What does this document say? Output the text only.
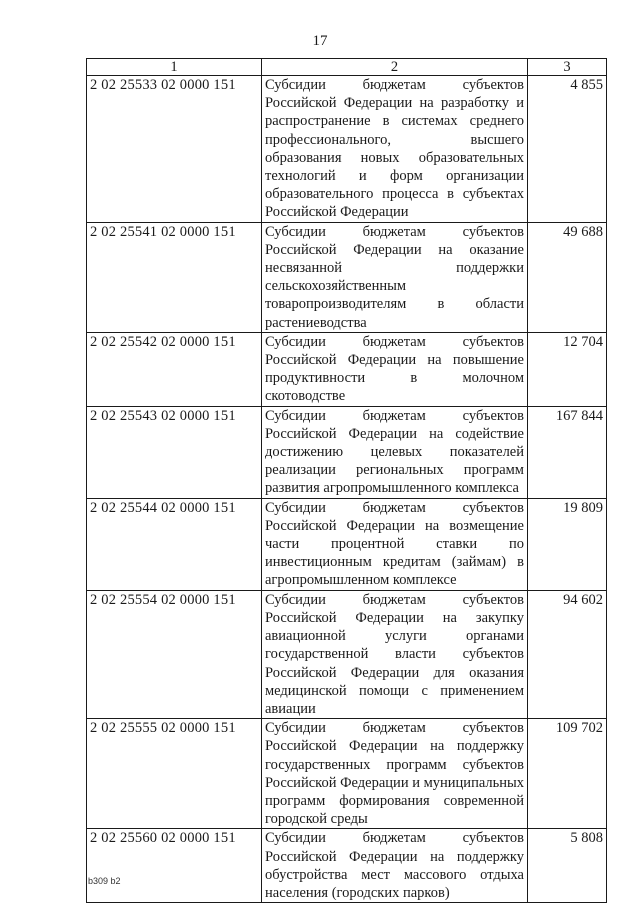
17
1	2	3
2 02 25533 02 0000 151	Субсидии бюджетам субъектов Российской Федерации на разработку и распространение в системах среднего профессионального, высшего образования новых образовательных технологий и форм организации образовательного процесса в субъектах Российской Федерации	4 855
2 02 25541 02 0000 151	Субсидии бюджетам субъектов Российской Федерации на оказание несвязанной поддержки сельскохозяйственным товаропроизводителям в области растениеводства	49 688
2 02 25542 02 0000 151	Субсидии бюджетам субъектов Российской Федерации на повышение продуктивности в молочном скотоводстве	12 704
2 02 25543 02 0000 151	Субсидии бюджетам субъектов Российской Федерации на содействие достижению целевых показателей реализации региональных программ развития агропромышленного комплекса	167 844
2 02 25544 02 0000 151	Субсидии бюджетам субъектов Российской Федерации на возмещение части процентной ставки по инвестиционным кредитам (займам) в агропромышленном комплексе	19 809
2 02 25554 02 0000 151	Субсидии бюджетам субъектов Российской Федерации на закупку авиационной услуги органами государственной власти субъектов Российской Федерации для оказания медицинской помощи с применением авиации	94 602
2 02 25555 02 0000 151	Субсидии бюджетам субъектов Российской Федерации на поддержку государственных программ субъектов Российской Федерации и муниципальных программ формирования современной городской среды	109 702
2 02 25560 02 0000 151	Субсидии бюджетам субъектов Российской Федерации на поддержку обустройства мест массового отдыха населения (городских парков)	5 808
b309 b2
